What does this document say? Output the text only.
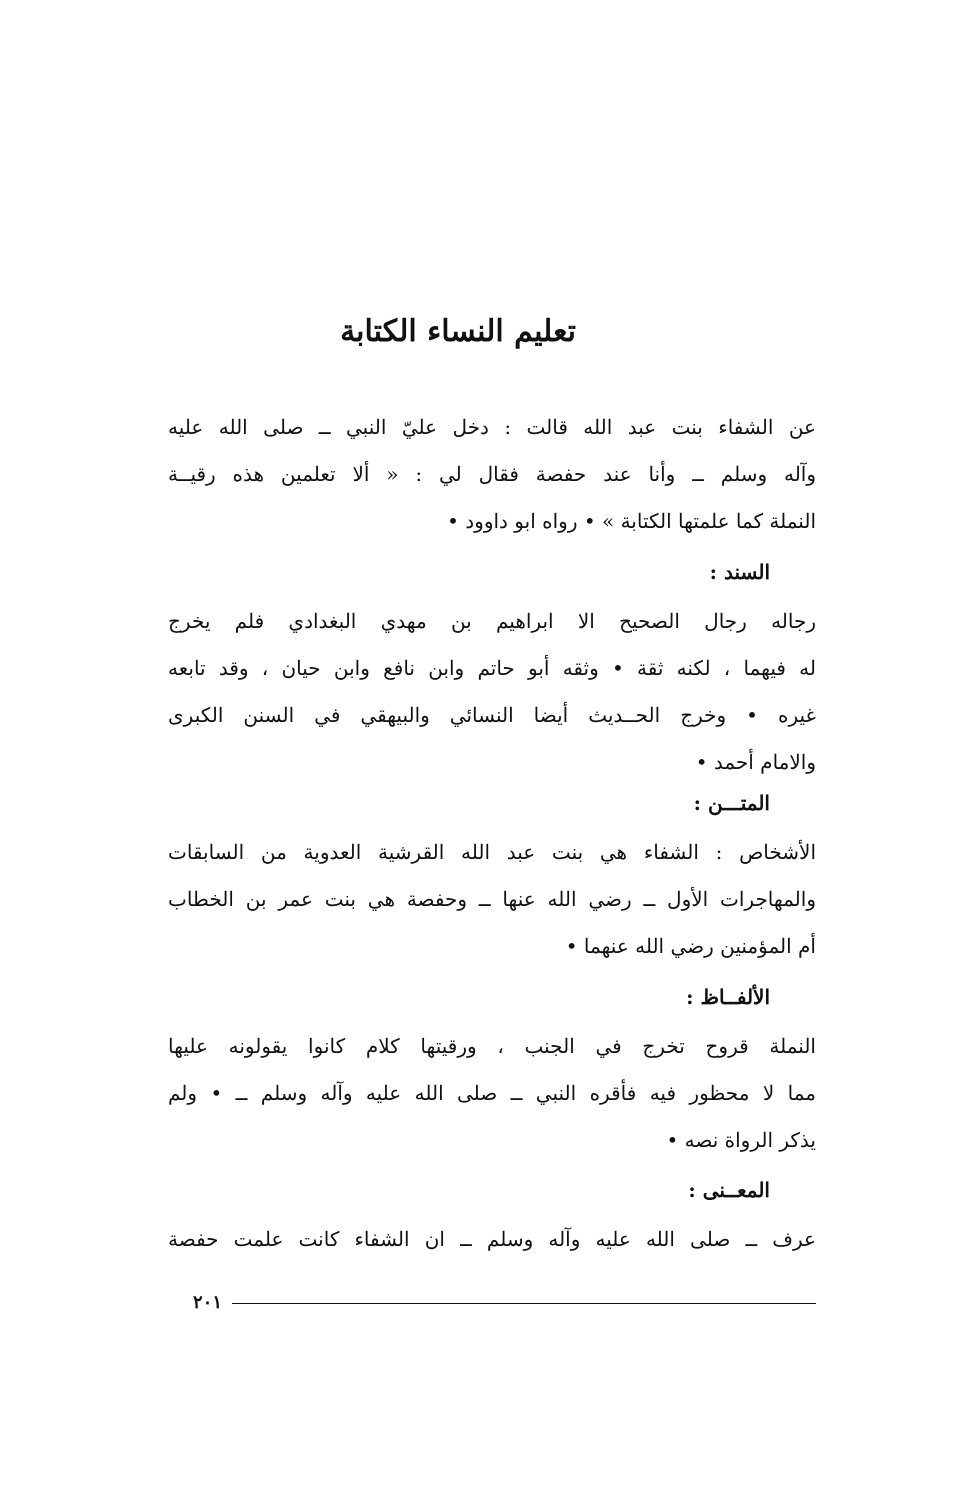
تعليم النساء الكتابة
عن الشفاء بنت عبد الله قالت : دخل عليّ النبي ــ صلى الله عليه
وآله وسلم ــ وأنا عند حفصة فقال لي : « ألا تعلمين هذه رقيــة
النملة كما علمتها الكتابة » • رواه ابو داوود •
السند :
رجاله رجال الصحيح الا ابراهيم بن مهدي البغدادي فلم يخرج
له فيهما ، لكنه ثقة • وثقه أبو حاتم وابن نافع وابن حيان ، وقد تابعه
غيره • وخرج الحــديث أيضا النسائي والبيهقي في السنن الكبرى
والامام أحمد •
المتـــن :
الأشخاص : الشفاء هي بنت عبد الله القرشية العدوية من السابقات
والمهاجرات الأول ــ رضي الله عنها ــ وحفصة هي بنت عمر بن الخطاب
أم المؤمنين رضي الله عنهما •
الألفــاظ :
النملة قروح تخرج في الجنب ، ورقيتها كلام كانوا يقولونه عليها
مما لا محظور فيه فأقره النبي ــ صلى الله عليه وآله وسلم ــ • ولم
يذكر الرواة نصه •
المعــنى :
عرف ــ صلى الله عليه وآله وسلم ــ ان الشفاء كانت علمت حفصة
٢٠١
